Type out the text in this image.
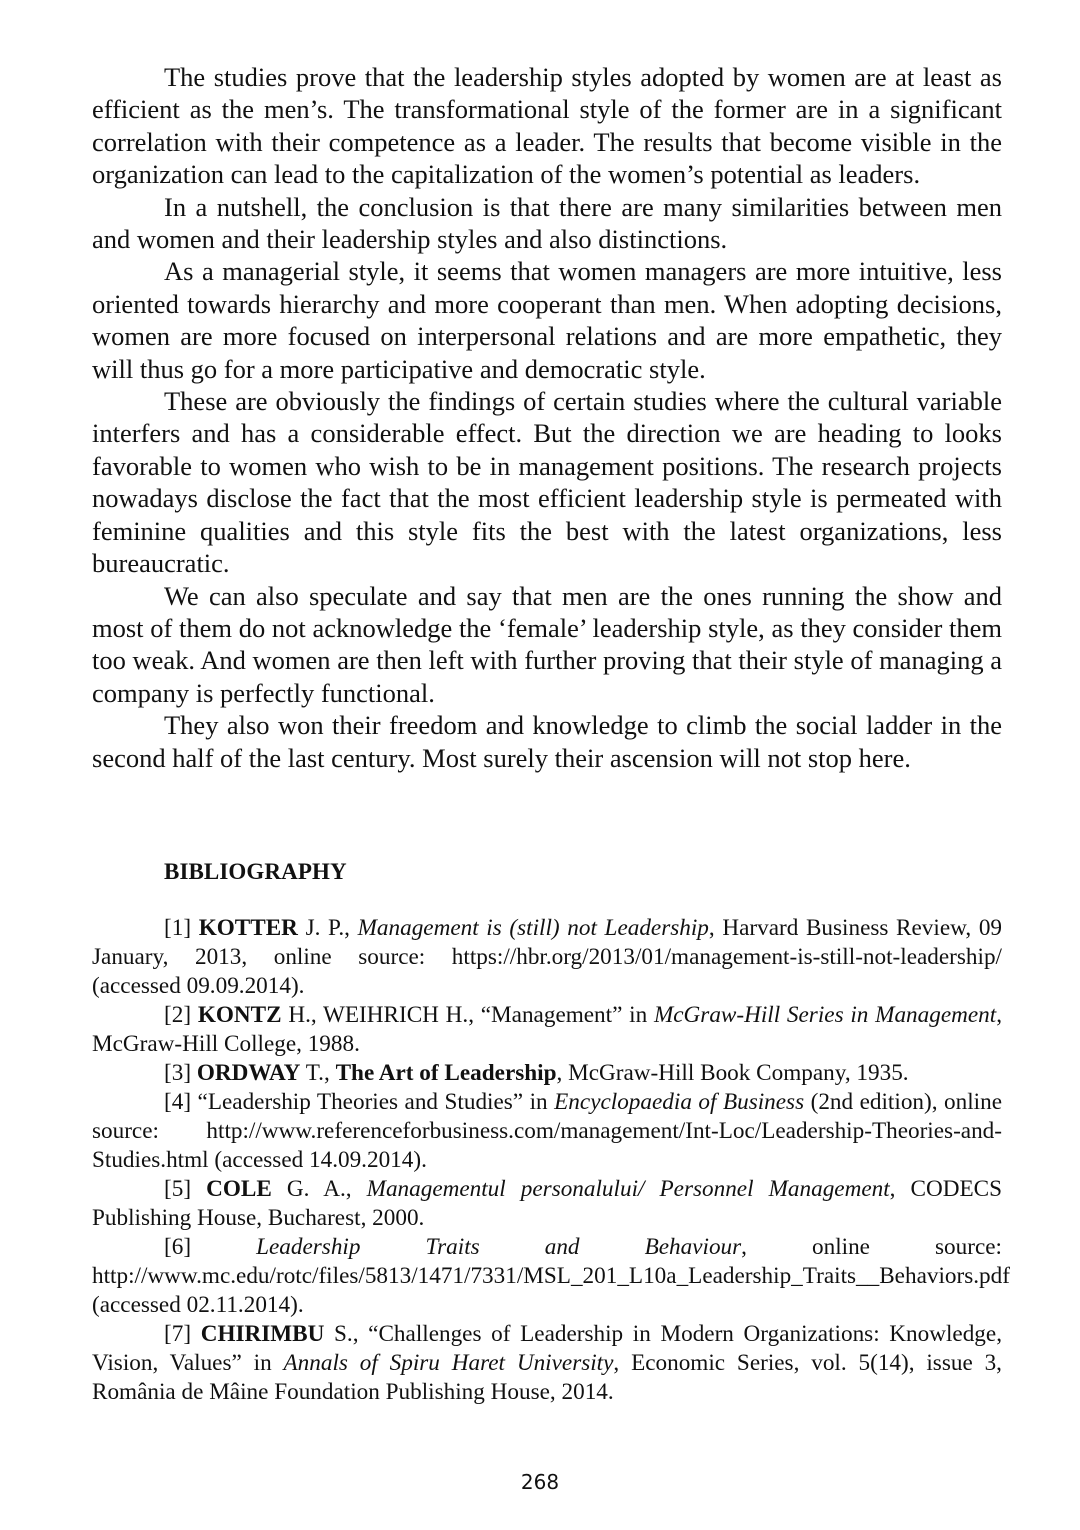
The studies prove that the leadership styles adopted by women are at least as efficient as the men’s. The transformational style of the former are in a significant correlation with their competence as a leader. The results that become visible in the organization can lead to the capitalization of the women’s potential as leaders.

In a nutshell, the conclusion is that there are many similarities between men and women and their leadership styles and also distinctions.

As a managerial style, it seems that women managers are more intuitive, less oriented towards hierarchy and more cooperant than men. When adopting decisions, women are more focused on interpersonal relations and are more empathetic, they will thus go for a more participative and democratic style.

These are obviously the findings of certain studies where the cultural variable interfers and has a considerable effect. But the direction we are heading to looks favorable to women who wish to be in management positions. The research projects nowadays disclose the fact that the most efficient leadership style is permeated with feminine qualities and this style fits the best with the latest organizations, less bureaucratic.

We can also speculate and say that men are the ones running the show and most of them do not acknowledge the ‘female’ leadership style, as they consider them too weak. And women are then left with further proving that their style of managing a company is perfectly functional.

They also won their freedom and knowledge to climb the social ladder in the second half of the last century. Most surely their ascension will not stop here.

BIBLIOGRAPHY

[1] KOTTER J. P., Management is (still) not Leadership, Harvard Business Review, 09 January, 2013, online source: https://hbr.org/2013/01/management-is-still-not-leadership/ (accessed 09.09.2014).

[2] KONTZ H., WEIHRICH H., “Management” in McGraw-Hill Series in Management, McGraw-Hill College, 1988.

[3] ORDWAY T., The Art of Leadership, McGraw-Hill Book Company, 1935.

[4] “Leadership Theories and Studies” in Encyclopaedia of Business (2nd edition), online source: http://www.referenceforbusiness.com/management/Int-Loc/Leadership-Theories-and-Studies.html (accessed 14.09.2014).

[5] COLE G. A., Managementul personalului/ Personnel Management, CODECS Publishing House, Bucharest, 2000.

[6]	Leadership Traits and Behaviour, online source: http://www.mc.edu/rotc/files/5813/1471/7331/MSL_201_L10a_Leadership_Traits__Behaviors.pdf (accessed 02.11.2014).

[7] CHIRIMBU S., “Challenges of Leadership in Modern Organizations: Knowledge, Vision, Values” in Annals of Spiru Haret University, Economic Series, vol. 5(14), issue 3, România de Mâine Foundation Publishing House, 2014.

268
